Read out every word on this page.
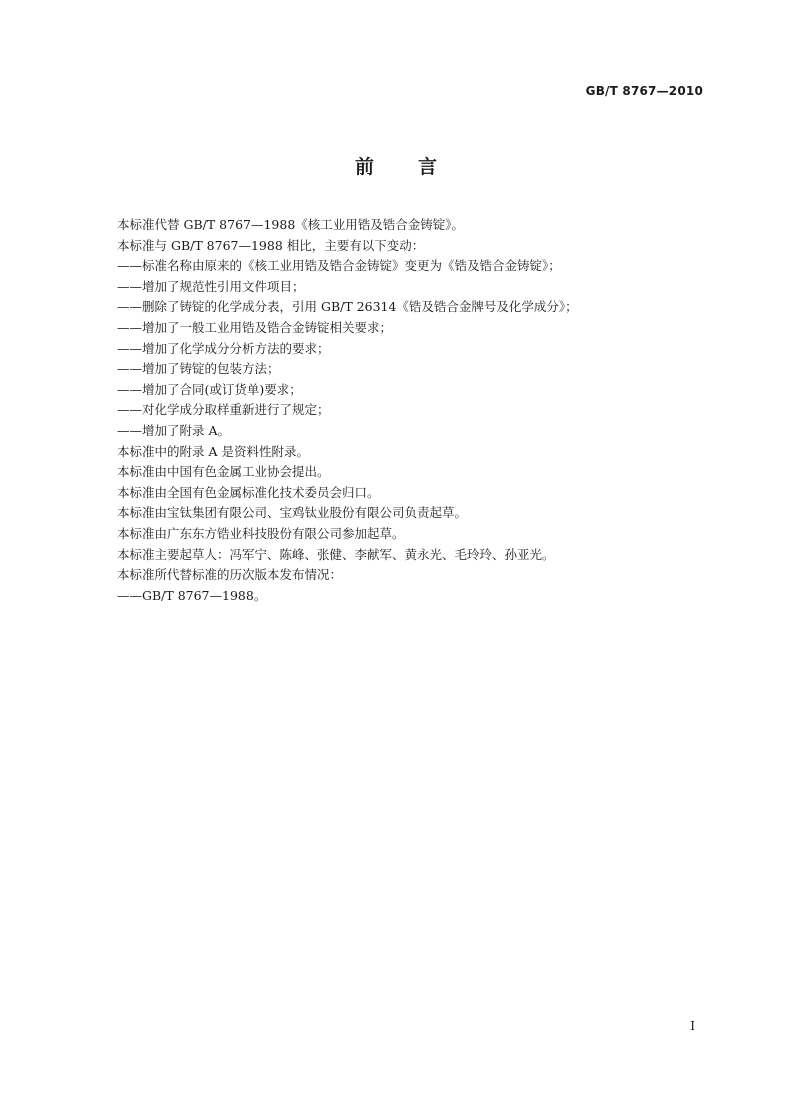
GB/T 8767—2010
前言
本标准代替 GB/T 8767—1988《核工业用锆及锆合金铸锭》。
本标准与 GB/T 8767—1988 相比，主要有以下变动：
——标准名称由原来的《核工业用锆及锆合金铸锭》变更为《锆及锆合金铸锭》；
——增加了规范性引用文件项目；
——删除了铸锭的化学成分表，引用 GB/T 26314《锆及锆合金牌号及化学成分》；
——增加了一般工业用锆及锆合金铸锭相关要求；
——增加了化学成分分析方法的要求；
——增加了铸锭的包装方法；
——增加了合同(或订货单)要求；
——对化学成分取样重新进行了规定；
——增加了附录 A。
本标准中的附录 A 是资料性附录。
本标准由中国有色金属工业协会提出。
本标准由全国有色金属标准化技术委员会归口。
本标准由宝钛集团有限公司、宝鸡钛业股份有限公司负责起草。
本标准由广东东方锆业科技股份有限公司参加起草。
本标准主要起草人：冯军宁、陈峰、张健、李献军、黄永光、毛玲玲、孙亚光。
本标准所代替标准的历次版本发布情况：
——GB/T 8767—1988。
I
